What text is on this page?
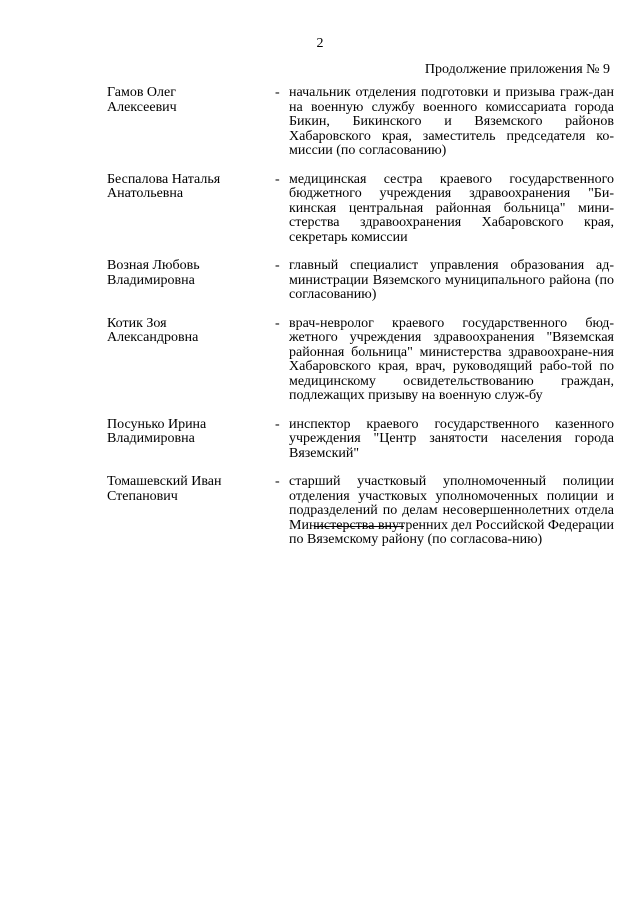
2
Продолжение приложения № 9
Гамов Олег
Алексеевич
- начальник отделения подготовки и призыва граж-дан на военную службу военного комиссариата города Бикин, Бикинского и Вяземского районов Хабаровского края, заместитель председателя ко-миссии (по согласованию)
Беспалова Наталья
Анатольевна
- медицинская сестра краевого государственного бюджетного учреждения здравоохранения "Би-кинская центральная районная больница" мини-стерства здравоохранения Хабаровского края, секретарь комиссии
Возная Любовь
Владимировна
- главный специалист управления образования ад-министрации Вяземского муниципального района (по согласованию)
Котик Зоя
Александровна
- врач-невролог краевого государственного бюд-жетного учреждения здравоохранения "Вяземская районная больница" министерства здравоохране-ния Хабаровского края, врач, руководящий рабо-той по медицинскому освидетельствованию граждан, подлежащих призыву на военную служ-бу
Посунько Ирина
Владимировна
- инспектор краевого государственного казенного учреждения "Центр занятости населения города Вяземский"
Томашевский Иван
Степанович
- старший участковый уполномоченный полиции отделения участковых уполномоченных полиции и подразделений по делам несовершеннолетних отдела Министерства внутренних дел Российской Федерации по Вяземскому району (по согласова-нию)
